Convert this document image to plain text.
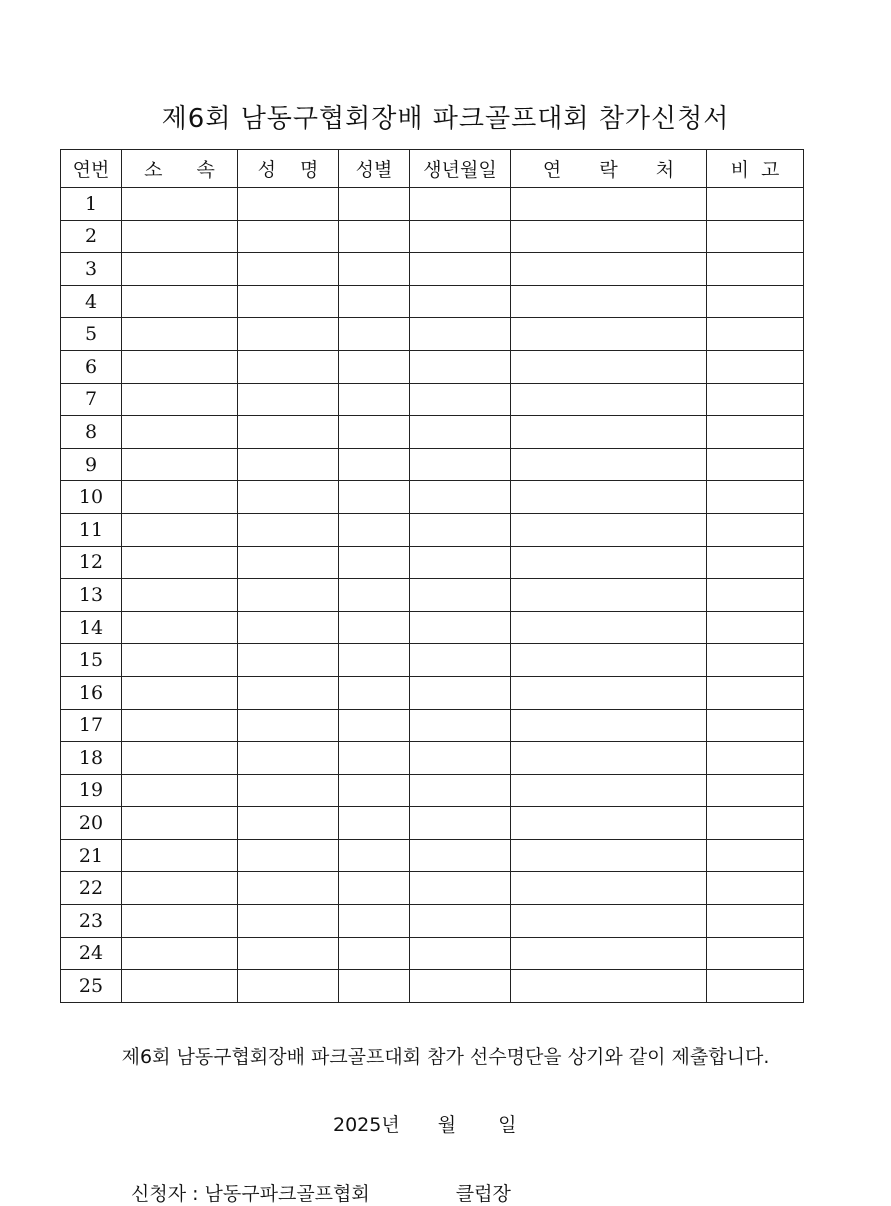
제6회 남동구협회장배 파크골프대회 참가신청서
연번	소 속	성 명	성별	생년월일	연 락 처	비 고
1						
2						
3						
4						
5						
6						
7						
8						
9						
10						
11						
12						
13						
14						
15						
16						
17						
18						
19						
20						
21						
22						
23						
24						
25						
제6회 남동구협회장배 파크골프대회 참가 선수명단을 상기와 같이 제출합니다.
2025년 월 일
신청자 : 남동구파크골프협회	클럽장
